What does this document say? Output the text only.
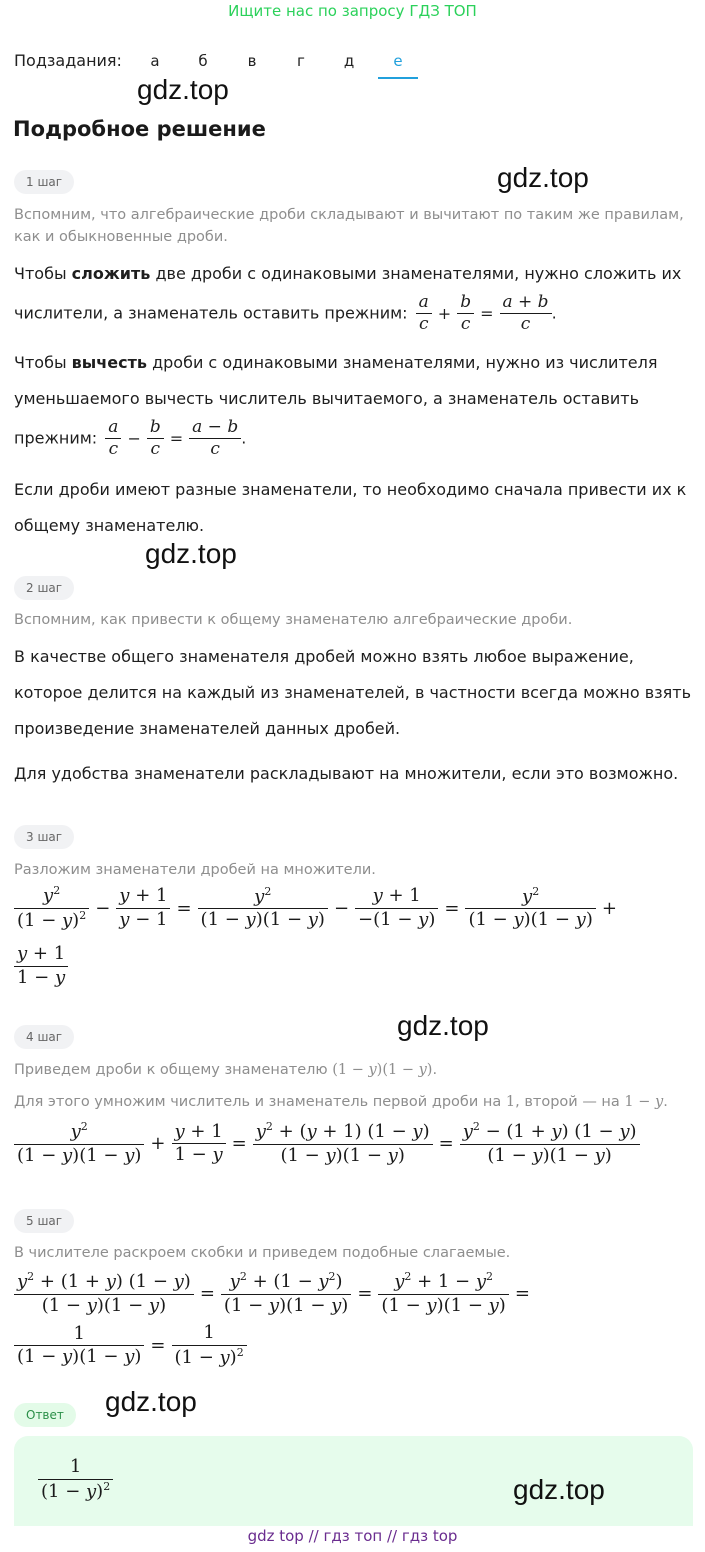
Ищите нас по запросу ГДЗ ТОП
Подзадания:	а	б	в	г	д	е
gdz.top
Подробное решение
gdz.top
1 шаг
Вспомним, что алгебраические дроби складывают и вычитают по таким же правилам, как и обыкновенные дроби.
Чтобы сложить две дроби с одинаковыми знаменателями, нужно сложить их числители, а знаменатель оставить прежним: $\frac{a}{c} + \frac{b}{c} = \frac{a + b}{c}$ .
Чтобы вычесть дроби с одинаковыми знаменателями, нужно из числителя уменьшаемого вычесть числитель вычитаемого, а знаменатель оставить прежним: $\frac{a}{c} - \frac{b}{c} = \frac{a - b}{c}$ .
Если дроби имеют разные знаменатели, то необходимо сначала привести их к общему знаменателю.
gdz.top
2 шаг
Вспомним, как привести к общему знаменателю алгебраические дроби.
В качестве общего знаменателя дробей можно взять любое выражение, которое делится на каждый из знаменателей, в частности всегда можно взять произведение знаменателей данных дробей.
Для удобства знаменатели раскладывают на множители, если это возможно.
3 шаг
Разложим знаменатели дробей на множители.
$\frac{y^2}{(1 - y)^2} - \frac{y + 1}{y - 1} = \frac{y^2}{(1 - y)(1 - y)} - \frac{y + 1}{-(1 - y)} = \frac{y^2}{(1 - y)(1 - y)}$ +
$\frac{y + 1}{1 - y}$
gdz.top
4 шаг
Приведем дроби к общему знаменателю (1 − y)(1 − y).
Для этого умножим числитель и знаменатель первой дроби на 1, второй — на 1 − y.
$\frac{y^2}{(1 - y)(1 - y)} + \frac{y + 1}{1 - y} = \frac{y^2 + (y + 1) (1 - y)}{(1 - y)(1 - y)} = \frac{y^2 - (1 + y) (1 - y)}{(1 - y)(1 - y)}$
5 шаг
В числителе раскроем скобки и приведем подобные слагаемые.
$\frac{y^2 + (1 + y) (1 - y)}{(1 - y)(1 - y)} = \frac{y^2 + (1 - y^2)}{(1 - y)(1 - y)} = \frac{y^2 + 1 - y^2}{(1 - y)(1 - y)}$ =
$\frac{1}{(1 - y)(1 - y)} = \frac{1}{(1 - y)^2}$
gdz.top
Ответ
$\frac{1}{(1 - y)^2}$	gdz.top
gdz top // гдз топ // гдз top
